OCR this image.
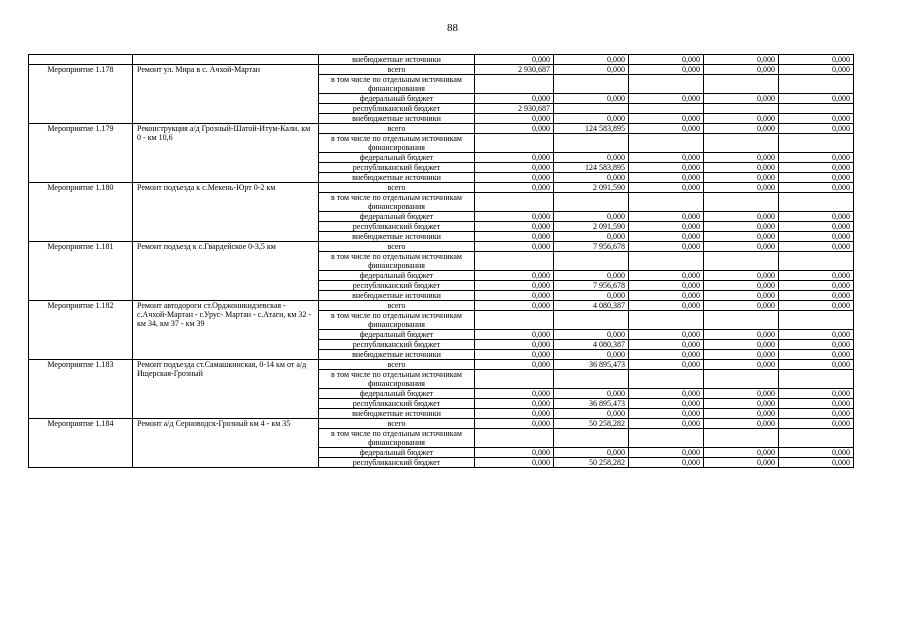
88
		внебюджетные источники	0,000	0,000	0,000	0,000	0,000
Мероприятие 1.178	Ремонт ул. Мира в с. Ачхой-Мартан	всего	2 930,687	0,000	0,000	0,000	0,000
		в том числе по отдельным источникам финансирования					
		федеральный бюджет	0,000	0,000	0,000	0,000	0,000
		республиканский бюджет	2 930,687				
		внебюджетные источники	0,000	0,000	0,000	0,000	0,000
Мероприятие 1.179	Реконструкция а/д Грозный-Шатой-Итум-Кали. км 0 - км 10,6	всего	0,000	124 583,895	0,000	0,000	0,000
		в том числе по отдельным источникам финансирования					
		федеральный бюджет	0,000	0,000	0,000	0,000	0,000
		республиканский бюджет	0,000	124 583,895	0,000	0,000	0,000
		внебюджетные источники	0,000	0,000	0,000	0,000	0,000
Мероприятие 1.180	Ремонт подъезда к с.Мекень-Юрт 0-2 км	всего	0,000	2 091,590	0,000	0,000	0,000
		в том числе по отдельным источникам финансирования					
		федеральный бюджет	0,000	0,000	0,000	0,000	0,000
		республиканский бюджет	0,000	2 091,590	0,000	0,000	0,000
		внебюджетные источники	0,000	0,000	0,000	0,000	0,000
Мероприятие 1.181	Ремонт подъезд к с.Гвардейское 0-3,5 км	всего	0,000	7 956,678	0,000	0,000	0,000
		в том числе по отдельным источникам финансирования					
		федеральный бюджет	0,000	0,000	0,000	0,000	0,000
		республиканский бюджет	0,000	7 956,678	0,000	0,000	0,000
		внебюджетные источники	0,000	0,000	0,000	0,000	0,000
Мероприятие 1.182	Ремонт автодороги ст.Орджоникидзевская - с.Ачхой-Мартан - г.Урус- Мартан - с.Атаги, км 32 - км 34, км 37 - км 39	всего	0,000	4 080,387	0,000	0,000	0,000
		в том числе по отдельным источникам финансирования					
		федеральный бюджет	0,000	0,000	0,000	0,000	0,000
		республиканский бюджет	0,000	4 080,387	0,000	0,000	0,000
		внебюджетные источники	0,000	0,000	0,000	0,000	0,000
Мероприятие 1.183	Ремонт подъезда ст.Самашкинская, 0-14 км от а/д Ищерская-Грозный	всего	0,000	36 895,473	0,000	0,000	0,000
		в том числе по отдельным источникам финансирования					
		федеральный бюджет	0,000	0,000	0,000	0,000	0,000
		республиканский бюджет	0,000	36 895,473	0,000	0,000	0,000
		внебюджетные источники	0,000	0,000	0,000	0,000	0,000
Мероприятие 1.184	Ремонт а/д Серноводск-Грозный км 4 - км 35	всего	0,000	50 258,282	0,000	0,000	0,000
		в том числе по отдельным источникам финансирования					
		федеральный бюджет	0,000	0,000	0,000	0,000	0,000
		республиканский бюджет	0,000	50 258,282	0,000	0,000	0,000
